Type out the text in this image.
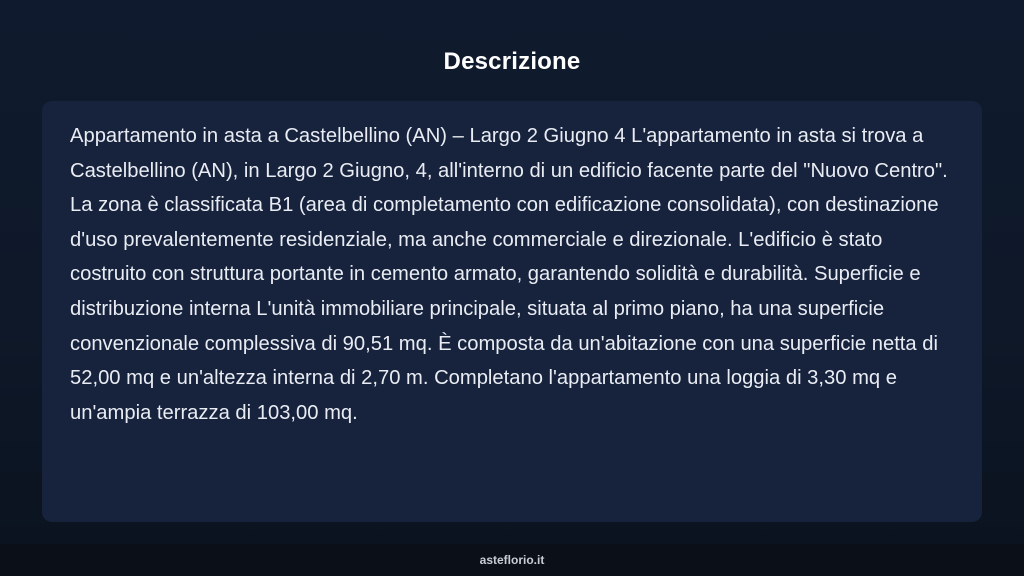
Descrizione

Appartamento in asta a Castelbellino (AN) – Largo 2 Giugno 4 L'appartamento in asta si trova a Castelbellino (AN), in Largo 2 Giugno, 4, all'interno di un edificio facente parte del "Nuovo Centro". La zona è classificata B1 (area di completamento con edificazione consolidata), con destinazione d'uso prevalentemente residenziale, ma anche commerciale e direzionale. L'edificio è stato costruito con struttura portante in cemento armato, garantendo solidità e durabilità. Superficie e distribuzione interna L'unità immobiliare principale, situata al primo piano, ha una superficie convenzionale complessiva di 90,51 mq. È composta da un'abitazione con una superficie netta di 52,00 mq e un'altezza interna di 2,70 m. Completano l'appartamento una loggia di 3,30 mq e un'ampia terrazza di 103,00 mq.

asteflorio.it
